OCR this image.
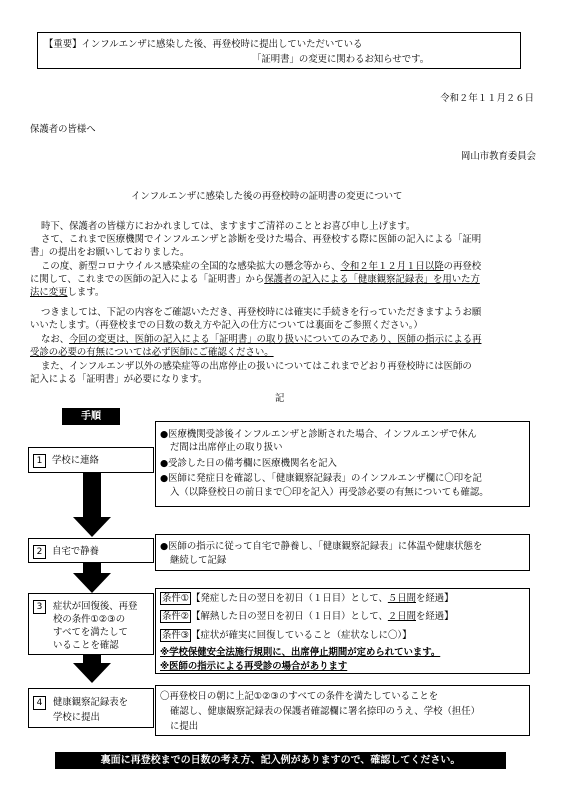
【重要】インフルエンザに感染した後、再登校時に提出していただいている
「証明書」の変更に関わるお知らせです。
令和２年１１月２６日
保護者の皆様へ
岡山市教育委員会
インフルエンザに感染した後の再登校時の証明書の変更について
時下、保護者の皆様方におかれましては、ますますご清祥のこととお喜び申し上げます。
さて、これまで医療機関でインフルエンザと診断を受けた場合、再登校する際に医師の記入による「証明
書」の提出をお願いしておりました。
この度、新型コロナウイルス感染症の全国的な感染拡大の懸念等から、令和２年１２月１日以降の再登校
に関して、これまでの医師の記入による「証明書」から保護者の記入による「健康観察記録表」を用いた方
法に変更します。
つきましては、下記の内容をご確認いただき、再登校時には確実に手続きを行っていただきますようお願
いいたします。（再登校までの日数の数え方や記入の仕方については裏面をご参照ください。）
なお、今回の変更は、医師の記入による「証明書」の取り扱いについてのみであり、医師の指示による再
受診の必要の有無については必ず医師にご確認ください。
また、インフルエンザ以外の感染症等の出席停止の扱いについてはこれまでどおり再登校時には医師の
記入による「証明書」が必要になります。
記
手順
●医療機関受診後インフルエンザと診断された場合、インフルエンザで休ん
だ間は出席停止の取り扱い
●受診した日の備考欄に医療機関名を記入
●医師に発症日を確認し、「健康観察記録表」のインフルエンザ欄に〇印を記
入（以降登校日の前日まで〇印を記入）再受診必要の有無についても確認。
1 学校に連絡
●医師の指示に従って自宅で静養し、「健康観察記録表」に体温や健康状態を
継続して記録
2 自宅で静養
条件① 【発症した日の翌日を初日（１日目）として、５日間を経過】
条件② 【解熱した日の翌日を初日（１日目）として、２日間を経過】
条件③ 【症状が確実に回復していること（症状なしに〇）】
※学校保健安全法施行規則に、出席停止期間が定められています。
※医師の指示による再受診の場合があります
3	症状が回復後、再登
校の条件①②③の
すべてを満たして
いることを確認
〇再登校日の朝に上記①②③のすべての条件を満たしていることを
確認し、健康観察記録表の保護者確認欄に署名捺印のうえ、学校（担任）
に提出
4	健康観察記録表を
学校に提出
裏面に再登校までの日数の考え方、記入例がありますので、確認してください。
